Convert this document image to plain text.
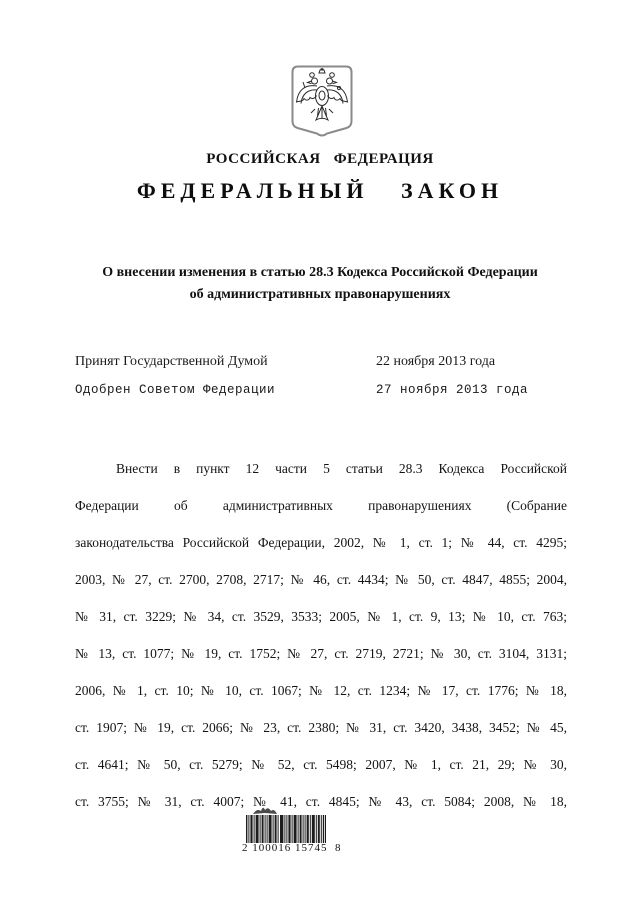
РОССИЙСКАЯ ФЕДЕРАЦИЯ
ФЕДЕРАЛЬНЫЙ ЗАКОН
О внесении изменения в статью 28.3 Кодекса Российской Федерации
об административных правонарушениях
Принят Государственной Думой	22 ноября 2013 года
Одобрен Советом Федерации	27 ноября 2013 года
Внести в пункт 12 части 5 статьи 28.3 Кодекса Российской
Федерации об административных правонарушениях (Собрание
законодательства Российской Федерации, 2002, № 1, ст. 1; № 44, ст. 4295;
2003, № 27, ст. 2700, 2708, 2717; № 46, ст. 4434; № 50, ст. 4847, 4855; 2004,
№ 31, ст. 3229; № 34, ст. 3529, 3533; 2005, № 1, ст. 9, 13; № 10, ст. 763;
№ 13, ст. 1077; № 19, ст. 1752; № 27, ст. 2719, 2721; № 30, ст. 3104, 3131;
2006, № 1, ст. 10; № 10, ст. 1067; № 12, ст. 1234; № 17, ст. 1776; № 18,
ст. 1907; № 19, ст. 2066; № 23, ст. 2380; № 31, ст. 3420, 3438, 3452; № 45,
ст. 4641; № 50, ст. 5279; № 52, ст. 5498; 2007, № 1, ст. 21, 29; № 30,
ст. 3755; № 31, ст. 4007; № 41, ст. 4845; № 43, ст. 5084; 2008, № 18,
2 100016 15745  8
